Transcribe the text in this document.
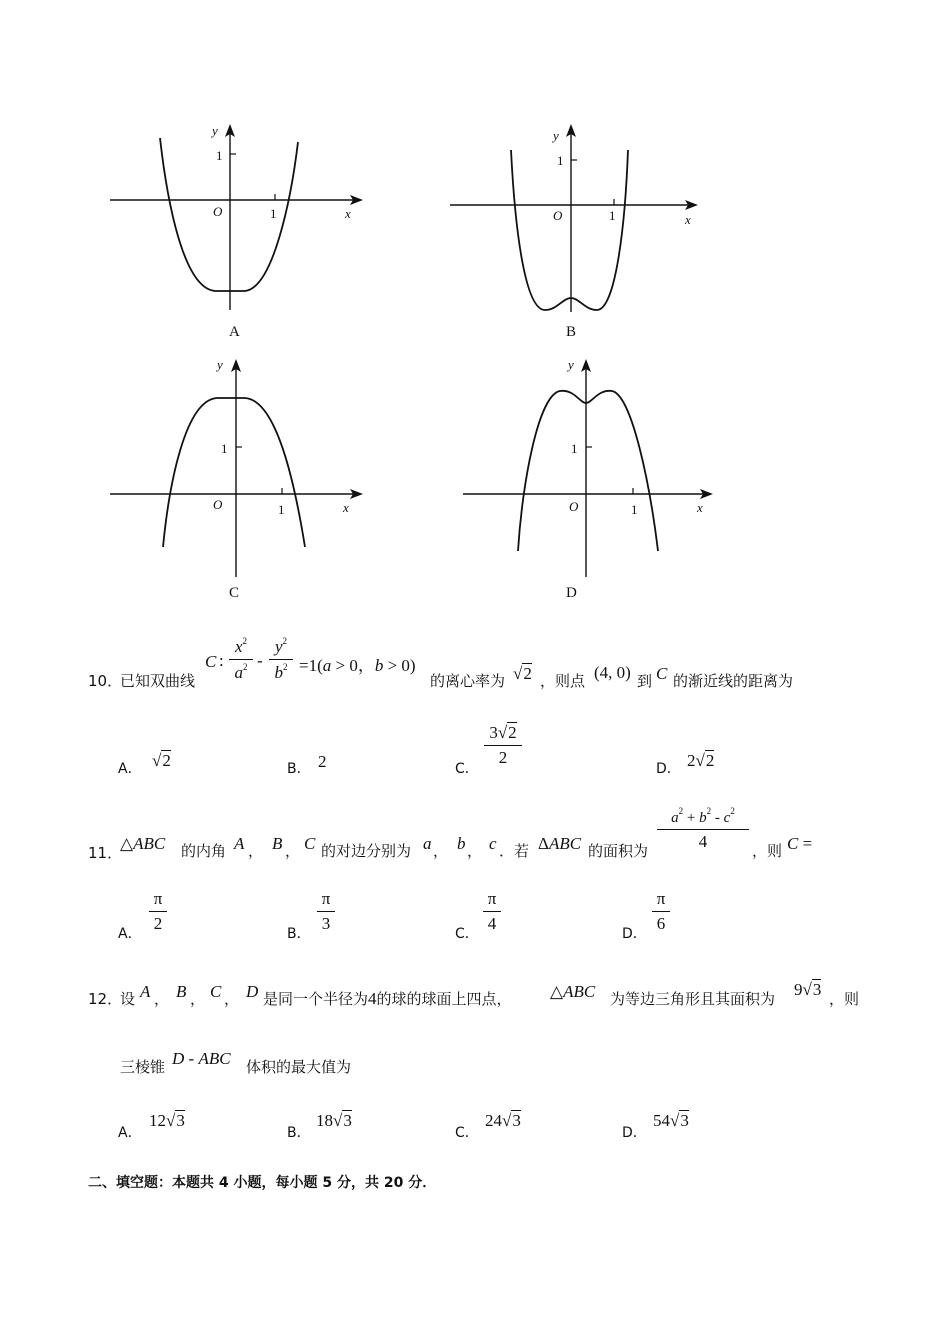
y
x
O	1
1
A
y
x
O	1
1
B
y
x
O	1
1
C
y
x
O	1
1
D
10．
已知双曲线
C :
$x^2$
$a^2$ -
$y^2$
$b^2 =1(a > 0$，b > 0)
的离心率为 √2 ，则点 (4, 0) 到 C 的渐近线的距离为
A． √2	B． 2	C．
3√2
2
D． 2√2
11．
△ABC 的内角 A ， B ， C 的对边分别为 a ， b ， c ．若 ΔABC 的面积为
$a^2 + b^2 - c^2$
4	，则 C =
A．
π
2
B．
π
3
C．
π
4
D．
π
6
12．
设 A ， B ， C ， D 是同一个半径为4的球的球面上四点， △ABC 为等边三角形且其面积为 9√3 ，则
三棱锥 D - ABC 体积的最大值为
A．
12√3
B．
18√3
C．
24√3
D．
54√3
二、填空题：本题共 4 小题，每小题 5 分，共 20 分．
